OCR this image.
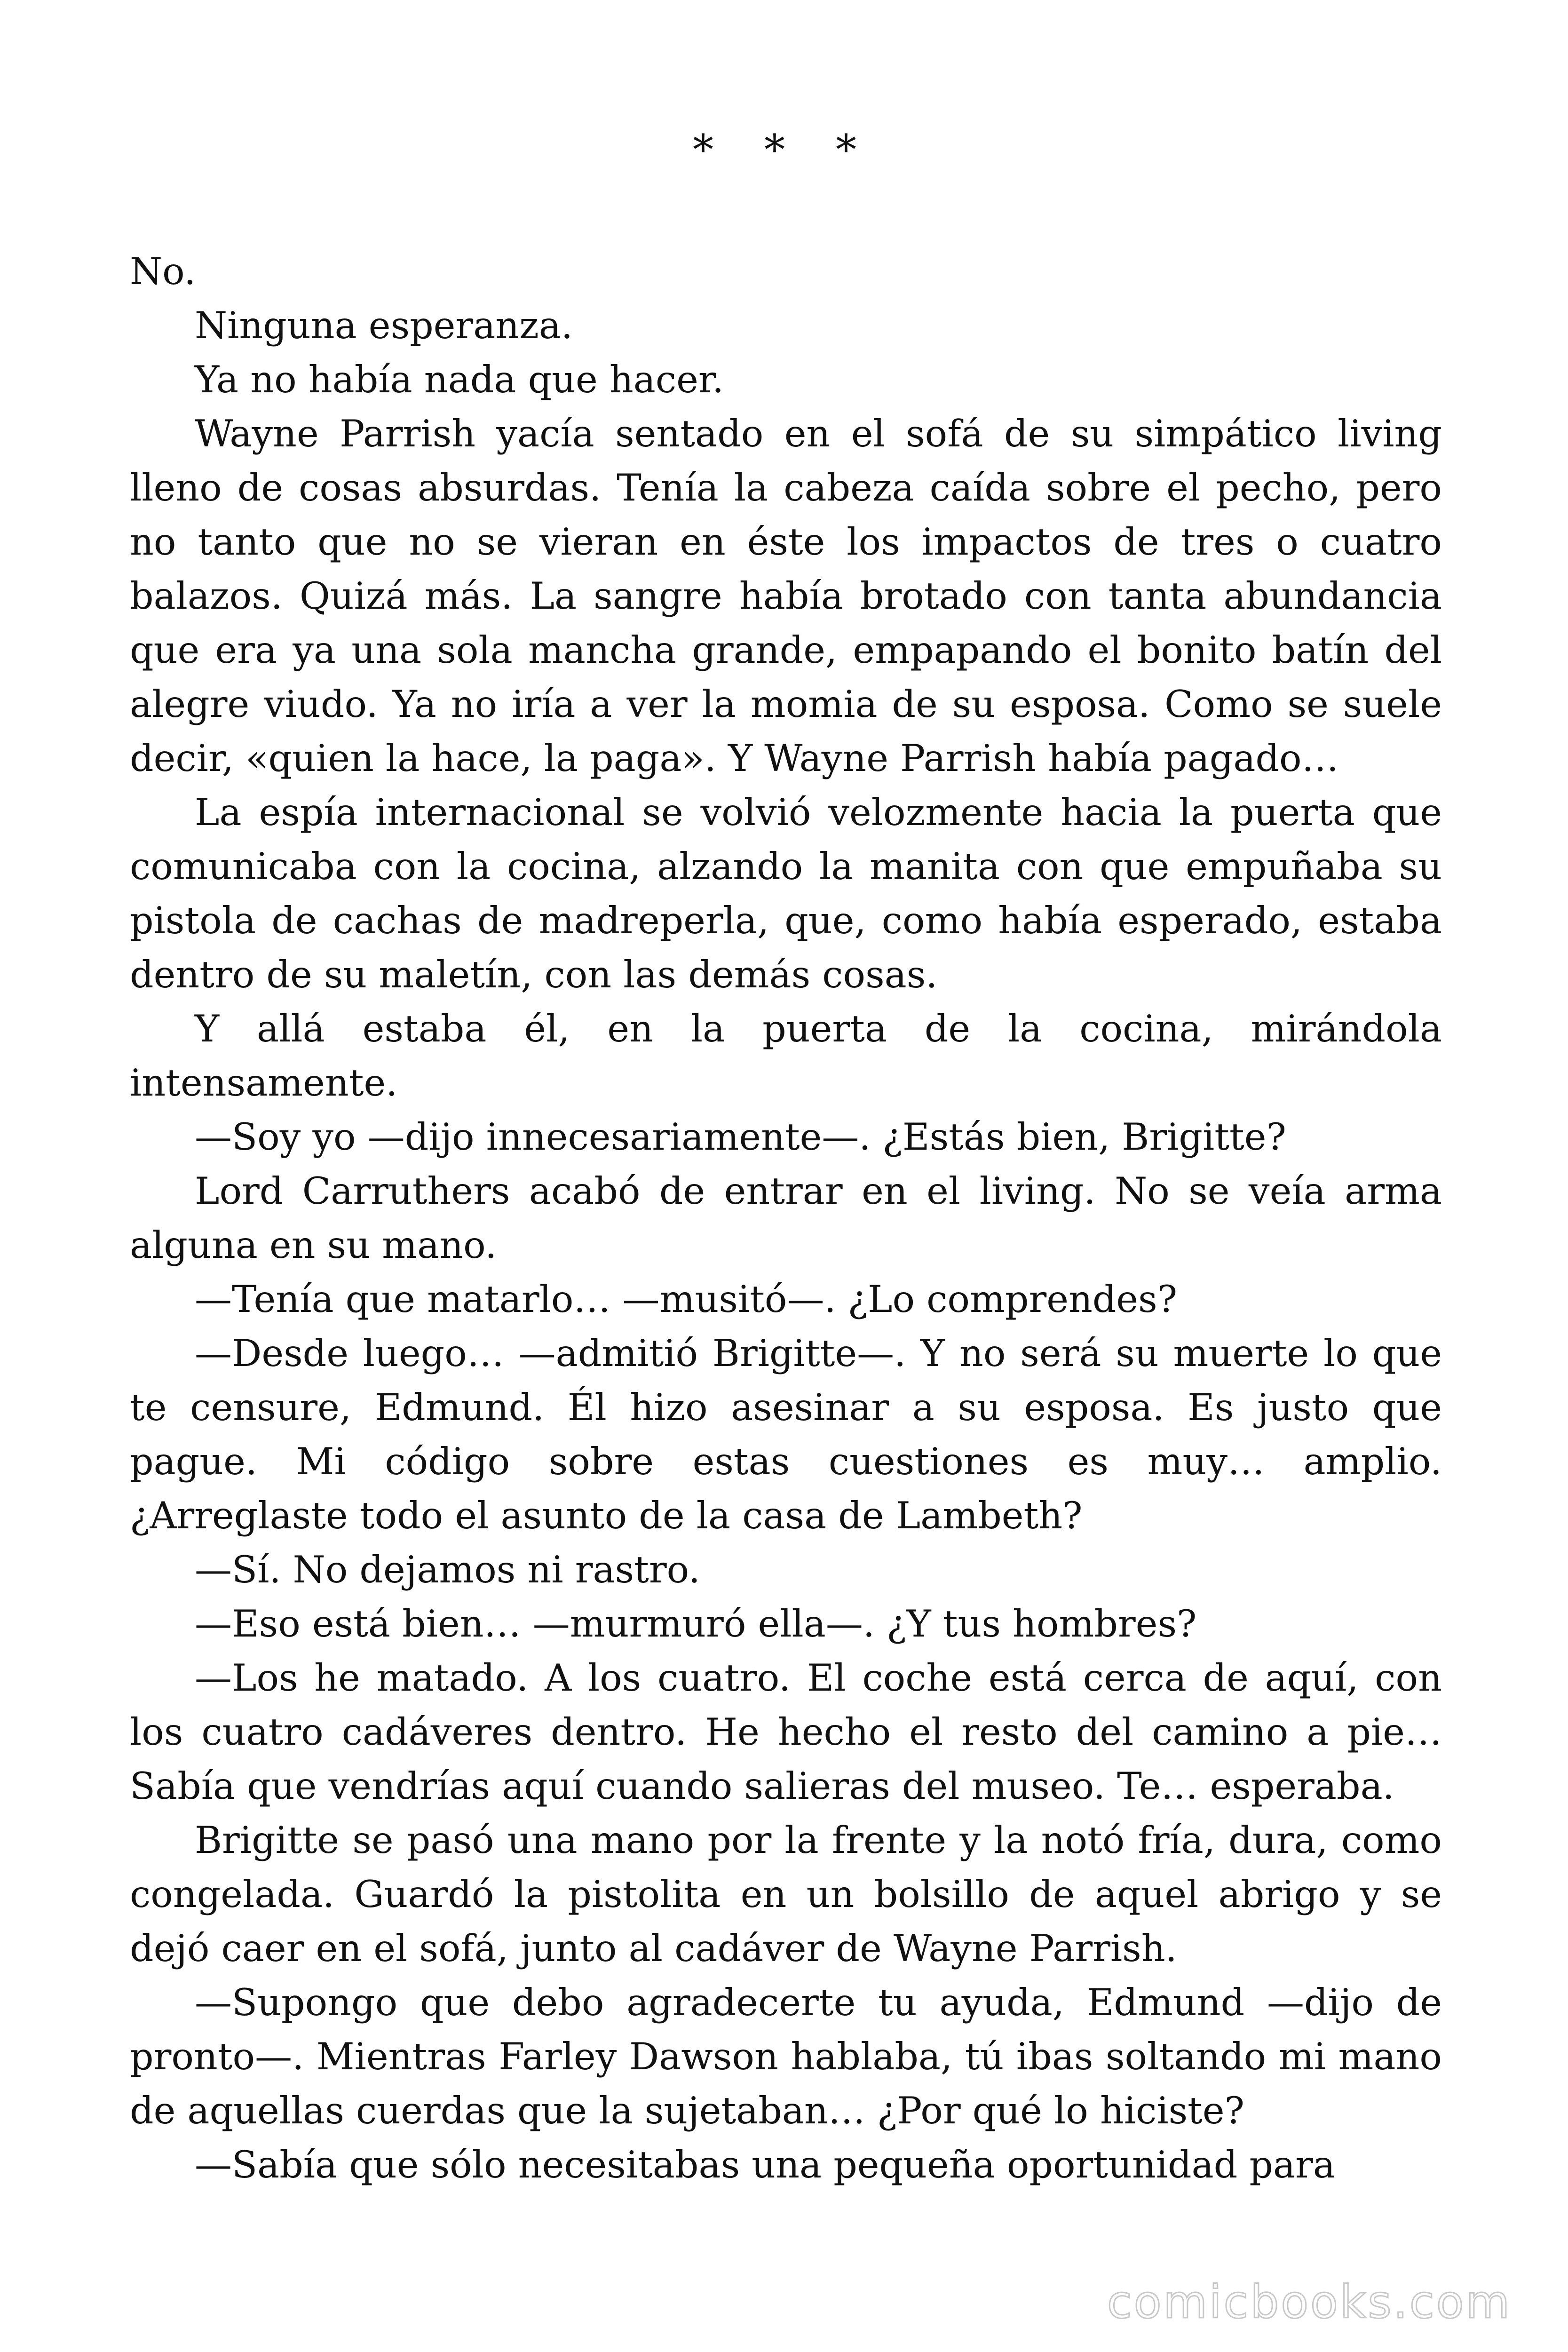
* * *

No.

Ninguna esperanza.

Ya no había nada que hacer.

Wayne Parrish yacía sentado en el sofá de su simpático living lleno de cosas absurdas. Tenía la cabeza caída sobre el pecho, pero no tanto que no se vieran en éste los impactos de tres o cuatro balazos. Quizá más. La sangre había brotado con tanta abundancia que era ya una sola mancha grande, empapando el bonito batín del alegre viudo. Ya no iría a ver la momia de su esposa. Como se suele decir, «quien la hace, la paga». Y Wayne Parrish había pagado…

La espía internacional se volvió velozmente hacia la puerta que comunicaba con la cocina, alzando la manita con que empuñaba su pistola de cachas de madreperla, que, como había esperado, estaba dentro de su maletín, con las demás cosas.

Y allá estaba él, en la puerta de la cocina, mirándola intensamente.

—Soy yo —dijo innecesariamente—. ¿Estás bien, Brigitte?

Lord Carruthers acabó de entrar en el living. No se veía arma alguna en su mano.

—Tenía que matarlo… —musitó—. ¿Lo comprendes?

—Desde luego… —admitió Brigitte—. Y no será su muerte lo que te censure, Edmund. Él hizo asesinar a su esposa. Es justo que pague. Mi código sobre estas cuestiones es muy… amplio. ¿Arreglaste todo el asunto de la casa de Lambeth?

—Sí. No dejamos ni rastro.

—Eso está bien… —murmuró ella—. ¿Y tus hombres?

—Los he matado. A los cuatro. El coche está cerca de aquí, con los cuatro cadáveres dentro. He hecho el resto del camino a pie… Sabía que vendrías aquí cuando salieras del museo. Te… esperaba.

Brigitte se pasó una mano por la frente y la notó fría, dura, como congelada. Guardó la pistolita en un bolsillo de aquel abrigo y se dejó caer en el sofá, junto al cadáver de Wayne Parrish.

—Supongo que debo agradecerte tu ayuda, Edmund —dijo de pronto—. Mientras Farley Dawson hablaba, tú ibas soltando mi mano de aquellas cuerdas que la sujetaban… ¿Por qué lo hiciste?

—Sabía que sólo necesitabas una pequeña oportunidad para

comicbooks.com
